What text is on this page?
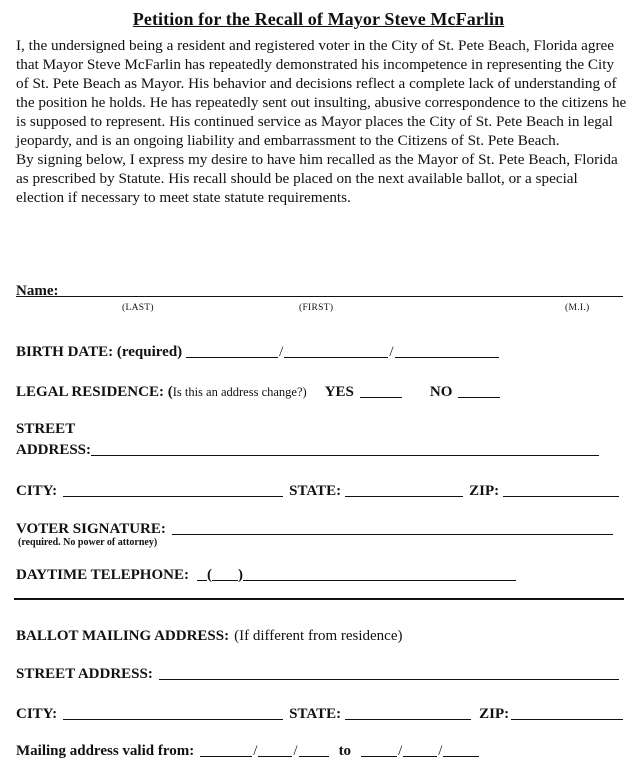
Petition for the Recall of Mayor Steve McFarlin

I, the undersigned being a resident and registered voter in the City of St. Pete Beach, Florida agree that Mayor Steve McFarlin has repeatedly demonstrated his incompetence in representing the City of St. Pete Beach as Mayor. His behavior and decisions reflect a complete lack of understanding of the position he holds. He has repeatedly sent out insulting, abusive correspondence to the citizens he is supposed to represent. His continued service as Mayor places the City of St. Pete Beach in legal jeopardy, and is an ongoing liability and embarrassment to the Citizens of St. Pete Beach.

By signing below, I express my desire to have him recalled as the Mayor of St. Pete Beach, Florida as prescribed by Statute. His recall should be placed on the next available ballot, or a special election if necessary to meet state statute requirements.

Name:
(LAST)	(FIRST)	(M.I.)
BIRTH DATE: (required)	/	/
LEGAL RESIDENCE: ( Is this an address change?) YES	NO
STREET
ADDRESS:
CITY:	STATE:	ZIP:
VOTER SIGNATURE:
(required. No power of attorney)
DAYTIME TELEPHONE: ( )
BALLOT MAILING ADDRESS: (If different from residence)
STREET ADDRESS:
CITY:	STATE:	ZIP:
Mailing address valid from:	/ /	to	/ /
